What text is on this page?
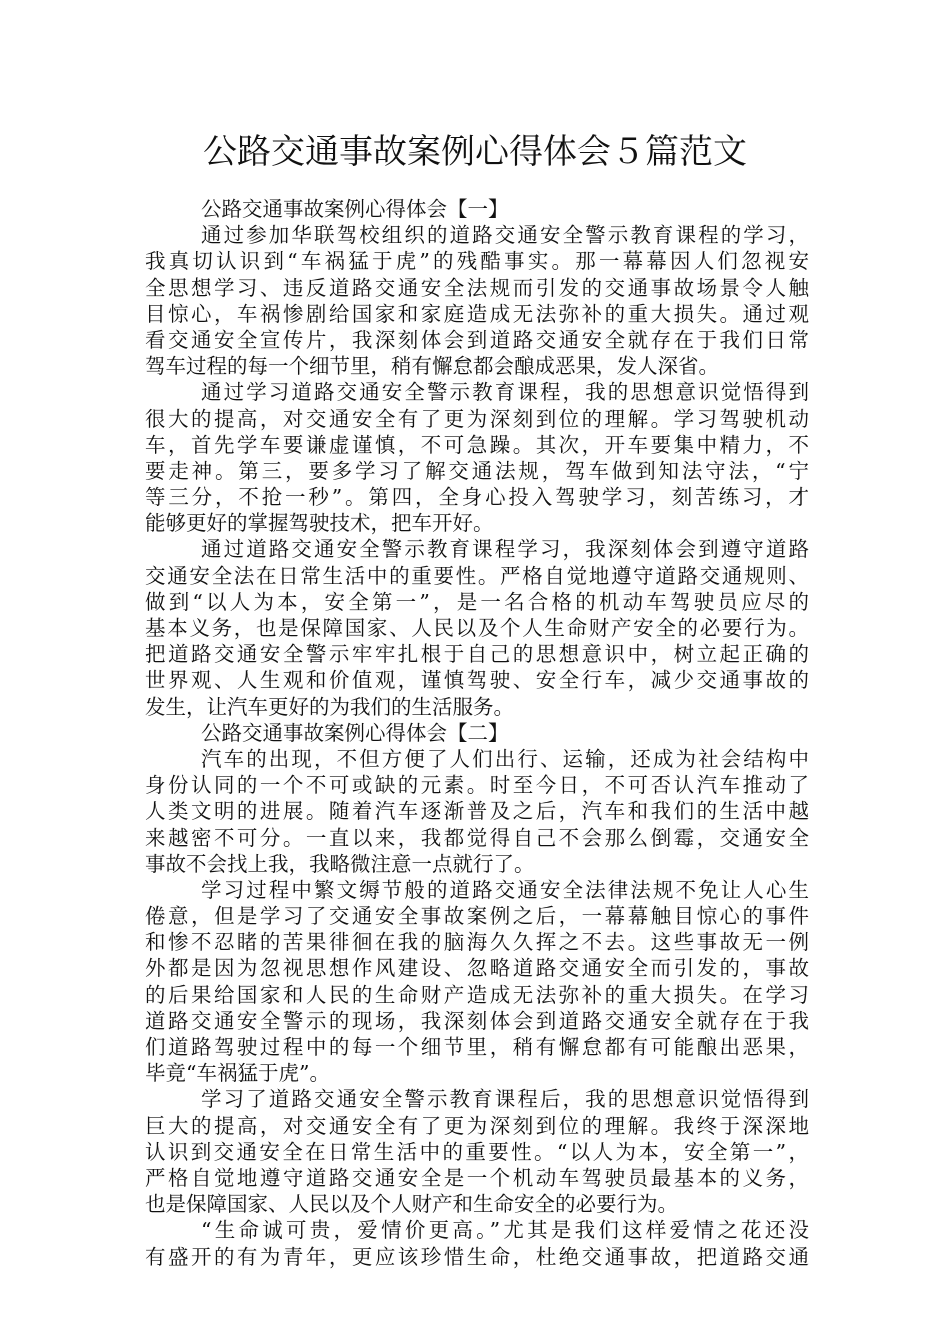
公路交通事故案例心得体会５篇范文
公路交通事故案例心得体会【一】
通过参加华联驾校组织的道路交通安全警示教育课程的学习，
我真切认识到“车祸猛于虎”的残酷事实。那一幕幕因人们忽视安
全思想学习、违反道路交通安全法规而引发的交通事故场景令人触
目惊心，车祸惨剧给国家和家庭造成无法弥补的重大损失。通过观
看交通安全宣传片，我深刻体会到道路交通安全就存在于我们日常
驾车过程的每一个细节里，稍有懈怠都会酿成恶果，发人深省。
通过学习道路交通安全警示教育课程，我的思想意识觉悟得到
很大的提高，对交通安全有了更为深刻到位的理解。学习驾驶机动
车，首先学车要谦虚谨慎，不可急躁。其次，开车要集中精力，不
要走神。第三，要多学习了解交通法规，驾车做到知法守法，“宁
等三分，不抢一秒”。第四，全身心投入驾驶学习，刻苦练习，才
能够更好的掌握驾驶技术，把车开好。
通过道路交通安全警示教育课程学习，我深刻体会到遵守道路
交通安全法在日常生活中的重要性。严格自觉地遵守道路交通规则、
做到“以人为本，安全第一”，是一名合格的机动车驾驶员应尽的
基本义务，也是保障国家、人民以及个人生命财产安全的必要行为。
把道路交通安全警示牢牢扎根于自己的思想意识中，树立起正确的
世界观、人生观和价值观，谨慎驾驶、安全行车，减少交通事故的
发生，让汽车更好的为我们的生活服务。
公路交通事故案例心得体会【二】
汽车的出现，不但方便了人们出行、运输，还成为社会结构中
身份认同的一个不可或缺的元素。时至今日，不可否认汽车推动了
人类文明的进展。随着汽车逐渐普及之后，汽车和我们的生活中越
来越密不可分。一直以来，我都觉得自己不会那么倒霉，交通安全
事故不会找上我，我略微注意一点就行了。
学习过程中繁文缛节般的道路交通安全法律法规不免让人心生
倦意，但是学习了交通安全事故案例之后，一幕幕触目惊心的事件
和惨不忍睹的苦果徘徊在我的脑海久久挥之不去。这些事故无一例
外都是因为忽视思想作风建设、忽略道路交通安全而引发的，事故
的后果给国家和人民的生命财产造成无法弥补的重大损失。在学习
道路交通安全警示的现场，我深刻体会到道路交通安全就存在于我
们道路驾驶过程中的每一个细节里，稍有懈怠都有可能酿出恶果，
毕竟“车祸猛于虎”。
学习了道路交通安全警示教育课程后，我的思想意识觉悟得到
巨大的提高，对交通安全有了更为深刻到位的理解。我终于深深地
认识到交通安全在日常生活中的重要性。“以人为本，安全第一”，
严格自觉地遵守道路交通安全是一个机动车驾驶员最基本的义务，
也是保障国家、人民以及个人财产和生命安全的必要行为。
“生命诚可贵，爱情价更高。”尤其是我们这样爱情之花还没
有盛开的有为青年，更应该珍惜生命，杜绝交通事故，把道路交通
